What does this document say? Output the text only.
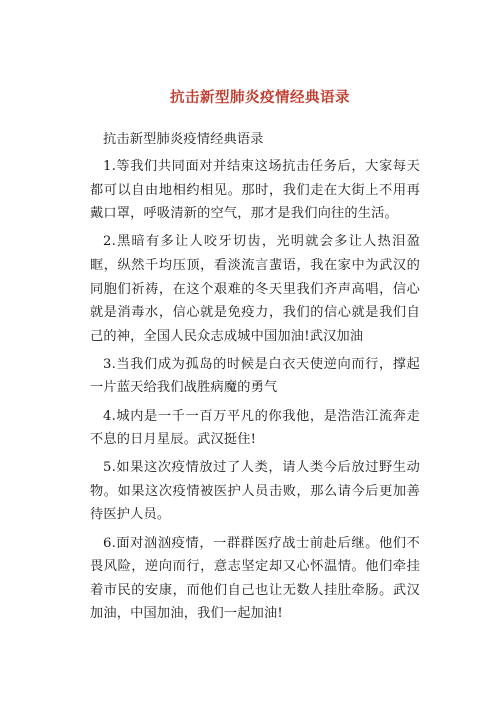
抗击新型肺炎疫情经典语录

抗击新型肺炎疫情经典语录

1.等我们共同面对并结束这场抗击任务后，大家每天都可以自由地相约相见。那时，我们走在大街上不用再戴口罩，呼吸清新的空气，那才是我们向往的生活。

2.黑暗有多让人咬牙切齿，光明就会多让人热泪盈眶，纵然千均压顶，看淡流言蜚语，我在家中为武汉的同胞们祈祷，在这个艰难的冬天里我们齐声高唱，信心就是消毒水，信心就是免疫力，我们的信心就是我们自己的神，全国人民众志成城中国加油!武汉加油

3.当我们成为孤岛的时候是白衣天使逆向而行，撑起一片蓝天给我们战胜病魔的勇气

4.城内是一千一百万平凡的你我他，是浩浩江流奔走不息的日月星辰。武汉挺住!

5.如果这次疫情放过了人类，请人类今后放过野生动物。如果这次疫情被医护人员击败，那么请今后更加善待医护人员。

6.面对汹汹疫情，一群群医疗战士前赴后继。他们不畏风险，逆向而行，意志坚定却又心怀温情。他们牵挂着市民的安康，而他们自己也让无数人挂肚牵肠。武汉加油，中国加油，我们一起加油!
